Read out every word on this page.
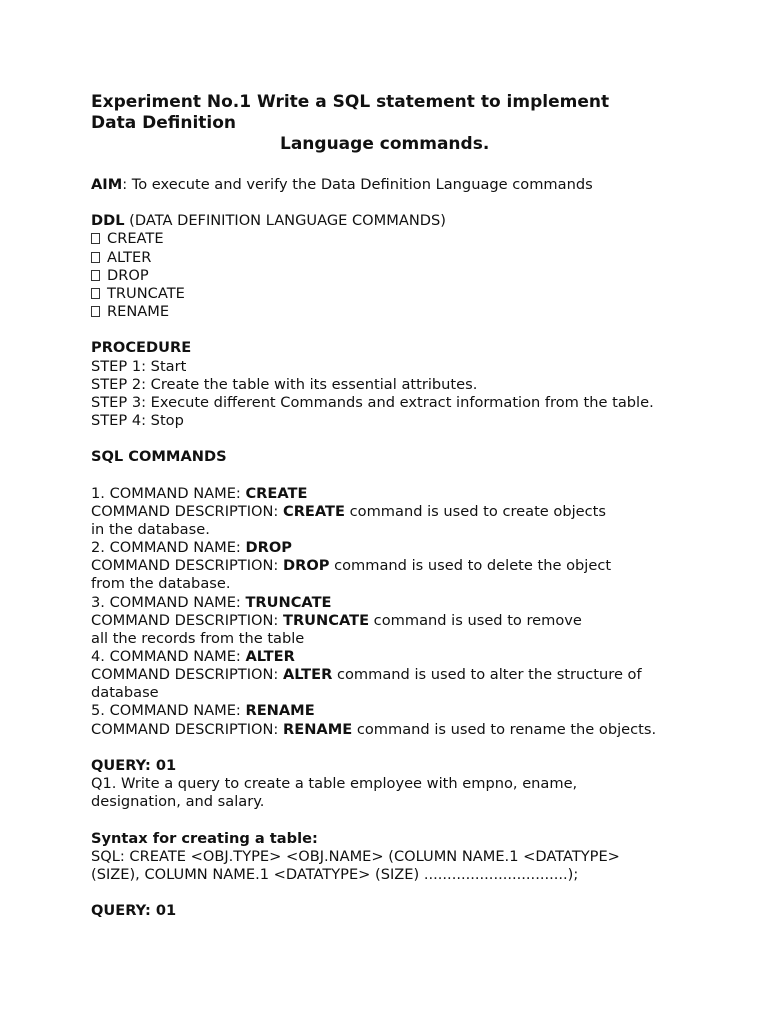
Experiment No.1 Write a SQL statement to implement
Data Definition
Language commands.
AIM: To execute and verify the Data Definition Language commands
DDL (DATA DEFINITION LANGUAGE COMMANDS)
CREATE
ALTER
DROP
TRUNCATE
RENAME
PROCEDURE
STEP 1: Start
STEP 2: Create the table with its essential attributes.
STEP 3: Execute different Commands and extract information from the table.
STEP 4: Stop
SQL COMMANDS
1. COMMAND NAME: CREATE
COMMAND DESCRIPTION: CREATE command is used to create objects
in the database.
2. COMMAND NAME: DROP
COMMAND DESCRIPTION: DROP command is used to delete the object
from the database.
3. COMMAND NAME: TRUNCATE
COMMAND DESCRIPTION: TRUNCATE command is used to remove
all the records from the table
4. COMMAND NAME: ALTER
COMMAND DESCRIPTION: ALTER command is used to alter the structure of
database
5. COMMAND NAME: RENAME
COMMAND DESCRIPTION: RENAME command is used to rename the objects.
QUERY: 01
Q1. Write a query to create a table employee with empno, ename,
designation, and salary.
Syntax for creating a table:
SQL: CREATE <OBJ.TYPE> <OBJ.NAME> (COLUMN NAME.1 <DATATYPE>
(SIZE), COLUMN NAME.1 <DATATYPE> (SIZE) ...............................);
QUERY: 01
